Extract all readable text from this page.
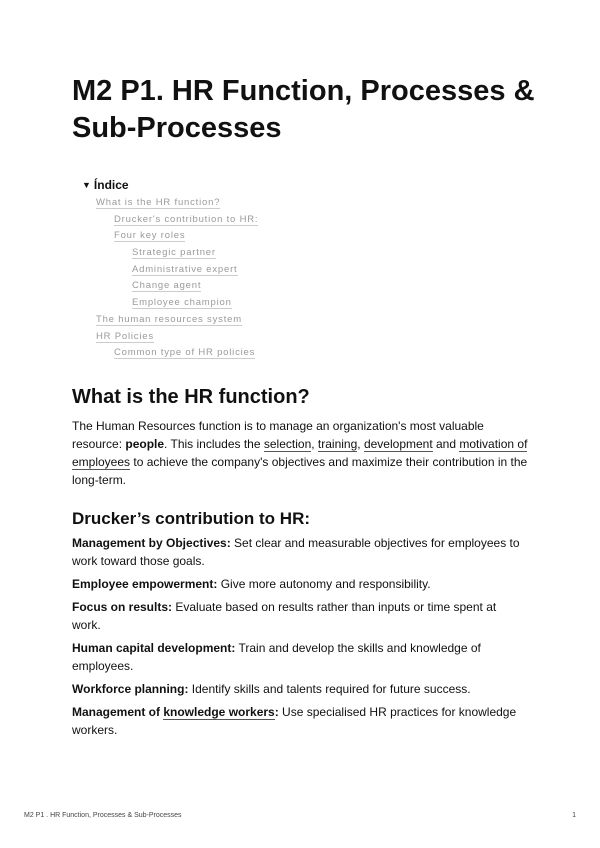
M2 P1. HR Function, Processes & Sub-Processes
▼ Índice
What is the HR function?
Drucker's contribution to HR:
Four key roles
Strategic partner
Administrative expert
Change agent
Employee champion
The human resources system
HR Policies
Common type of HR policies
What is the HR function?

The Human Resources function is to manage an organization's most valuable resource: people. This includes the selection, training, development and motivation of employees to achieve the company's objectives and maximize their contribution in the long-term.

Drucker’s contribution to HR:

Management by Objectives: Set clear and measurable objectives for employees to work toward those goals.

Employee empowerment: Give more autonomy and responsibility.

Focus on results: Evaluate based on results rather than inputs or time spent at work.

Human capital development: Train and develop the skills and knowledge of employees.

Workforce planning: Identify skills and talents required for future success.

Management of knowledge workers: Use specialised HR practices for knowledge workers.

M2 P1 . HR Function, Processes & Sub-Processes	1
